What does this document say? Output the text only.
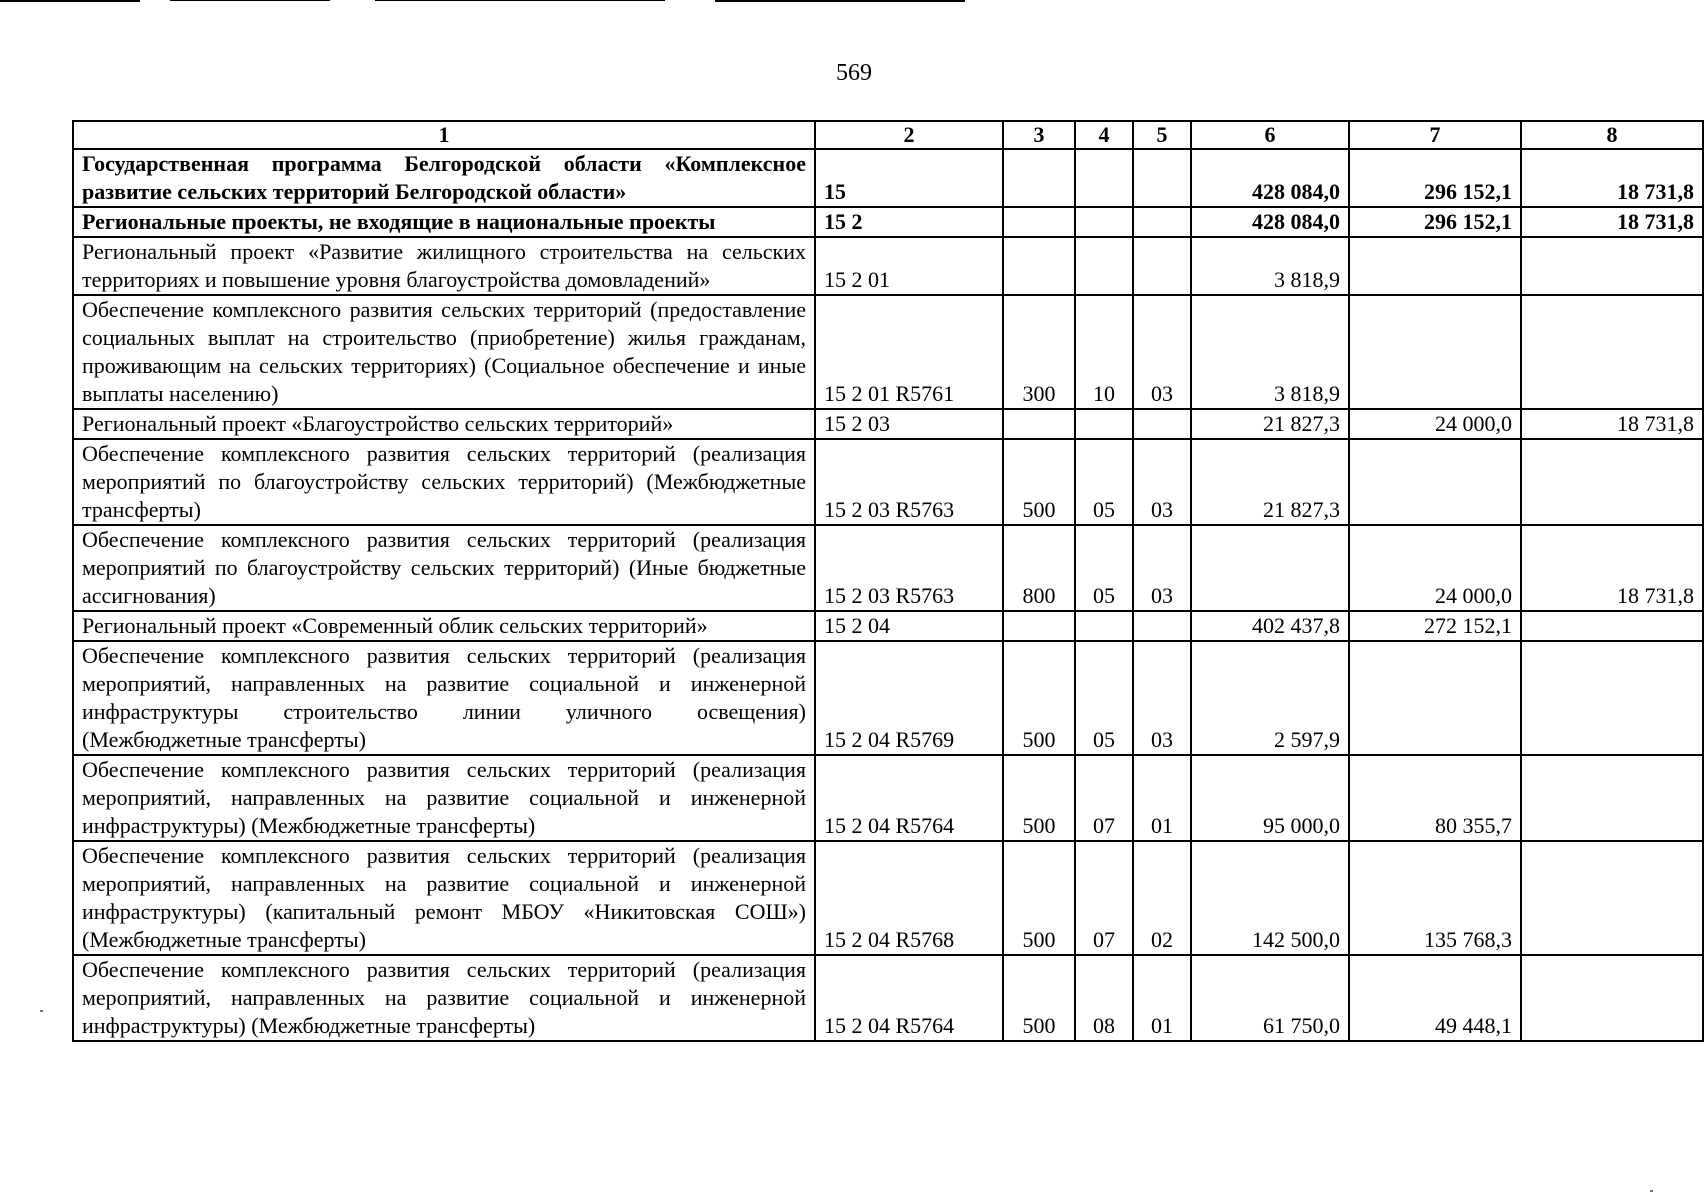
569
1	2	3	4	5	6	7	8
Государственная программа Белгородской области «Комплексное развитие сельских территорий Белгородской области»	15				428 084,0	296 152,1	18 731,8
Региональные проекты, не входящие в национальные проекты	15 2				428 084,0	296 152,1	18 731,8
Региональный проект «Развитие жилищного строительства на сельских территориях и повышение уровня благоустройства домовладений»	15 2 01				3 818,9		
Обеспечение комплексного развития сельских территорий (предоставление социальных выплат на строительство (приобретение) жилья гражданам, проживающим на сельских территориях) (Социальное обеспечение и иные выплаты населению)	15 2 01 R5761	300	10	03	3 818,9		
Региональный проект «Благоустройство сельских территорий»	15 2 03				21 827,3	24 000,0	18 731,8
Обеспечение комплексного развития сельских территорий (реализация мероприятий по благоустройству сельских территорий) (Межбюджетные трансферты)	15 2 03 R5763	500	05	03	21 827,3		
Обеспечение комплексного развития сельских территорий (реализация мероприятий по благоустройству сельских территорий) (Иные бюджетные ассигнования)	15 2 03 R5763	800	05	03		24 000,0	18 731,8
Региональный проект «Современный облик сельских территорий»	15 2 04				402 437,8	272 152,1	
Обеспечение комплексного развития сельских территорий (реализация мероприятий, направленных на развитие социальной и инженерной инфраструктуры строительство линии уличного освещения) (Межбюджетные трансферты)	15 2 04 R5769	500	05	03	2 597,9		
Обеспечение комплексного развития сельских территорий (реализация мероприятий, направленных на развитие социальной и инженерной инфраструктуры) (Межбюджетные трансферты)	15 2 04 R5764	500	07	01	95 000,0	80 355,7	
Обеспечение комплексного развития сельских территорий (реализация мероприятий, направленных на развитие социальной и инженерной инфраструктуры) (капитальный ремонт МБОУ «Никитовская СОШ») (Межбюджетные трансферты)	15 2 04 R5768	500	07	02	142 500,0	135 768,3	
Обеспечение комплексного развития сельских территорий (реализация мероприятий, направленных на развитие социальной и инженерной инфраструктуры) (Межбюджетные трансферты)	15 2 04 R5764	500	08	01	61 750,0	49 448,1	
